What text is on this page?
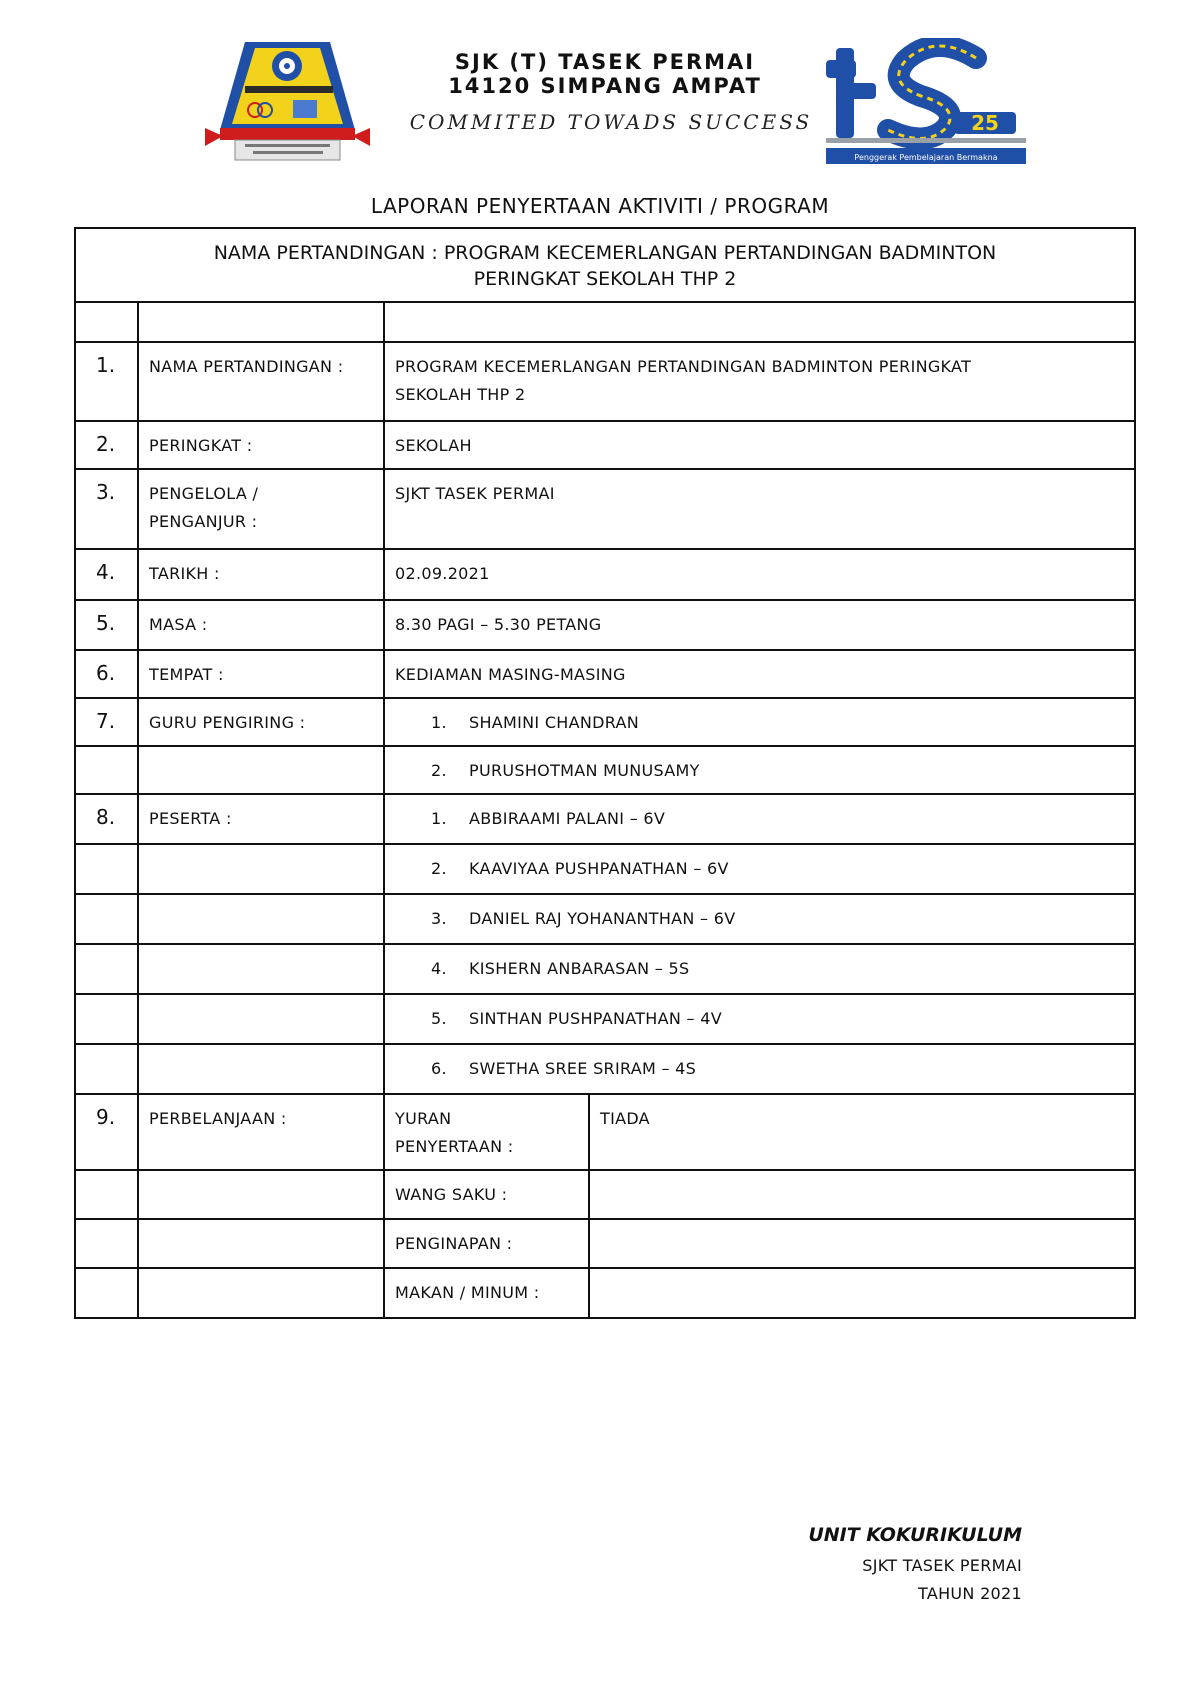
SJK (T) TASEK PERMAI
14120 SIMPANG AMPAT
COMMITED TOWADS SUCCESS	25
Penggerak Pembelajaran Bermakna
LAPORAN PENYERTAAN AKTIVITI / PROGRAM
NAMA PERTANDINGAN : PROGRAM KECEMERLANGAN PERTANDINGAN BADMINTON
PERINGKAT SEKOLAH THP 2			

1.	NAMA PERTANDINGAN :	PROGRAM KECEMERLANGAN PERTANDINGAN BADMINTON PERINGKAT
SEKOLAH THP 2	

2.	PERINGKAT :	SEKOLAH	
3.	PENGELOLA /
PENGANJUR :	SJKT TASEK PERMAI	
4.	TARIKH :	02.09.2021	
5.	MASA :	8.30 PAGI – 5.30 PETANG	
6.	TEMPAT :	KEDIAMAN MASING-MASING	
7.	GURU PENGIRING :	1. SHAMINI CHANDRAN	
		2. PURUSHOTMAN MUNUSAMY	
8.	PESERTA :	1. ABBIRAAMI PALANI – 6V	
		2. KAAVIYAA PUSHPANATHAN – 6V	
		3. DANIEL RAJ YOHANANTHAN – 6V	
		4. KISHERN ANBARASAN – 5S	
		5. SINTHAN PUSHPANATHAN – 4V	
		6. SWETHA SREE SRIRAM – 4S	
9.	PERBELANJAAN :	YURAN
PENYERTAAN :	TIADA
		WANG SAKU :	
		PENGINAPAN :	
		MAKAN / MINUM :	
UNIT KOKURIKULUM
SJKT TASEK PERMAI
TAHUN 2021
